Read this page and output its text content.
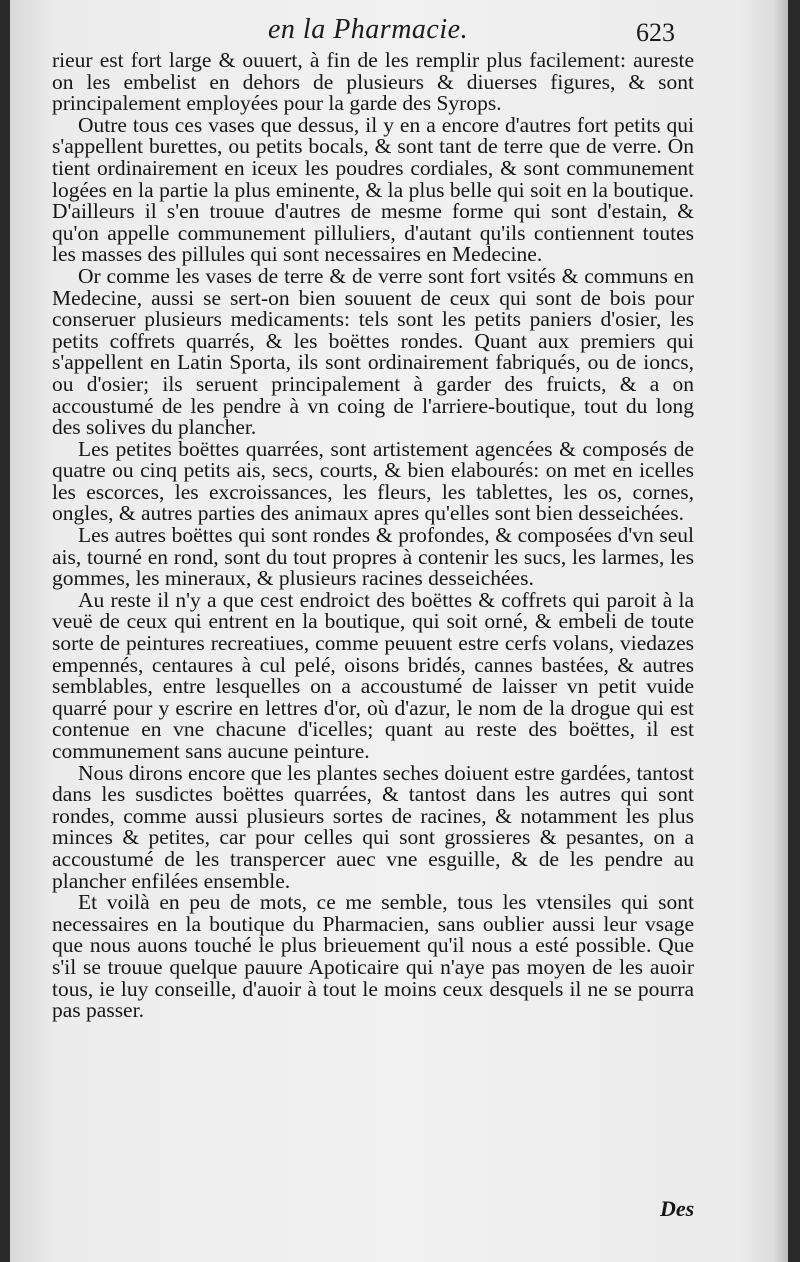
en la Pharmacie.	623

rieur est fort large & ouuert, à fin de les remplir plus facilement: aureste on les embelist en dehors de plusieurs & diuerses figures, & sont principalement employées pour la garde des Syrops.

Outre tous ces vases que dessus, il y en a encore d'autres fort petits qui s'appellent burettes, ou petits bocals, & sont tant de terre que de verre. On tient ordinairement en iceux les poudres cordiales, & sont communement logées en la partie la plus eminente, & la plus belle qui soit en la boutique. D'ailleurs il s'en trouue d'autres de mesme forme qui sont d'estain, & qu'on appelle communement pilluliers, d'autant qu'ils contiennent toutes les masses des pillules qui sont necessaires en Medecine.

Or comme les vases de terre & de verre sont fort vsités & communs en Medecine, aussi se sert-on bien souuent de ceux qui sont de bois pour conseruer plusieurs medicaments: tels sont les petits paniers d'osier, les petits coffrets quarrés, & les boëttes rondes. Quant aux premiers qui s'appellent en Latin Sporta, ils sont ordinairement fabriqués, ou de ioncs, ou d'osier; ils seruent principalement à garder des fruicts, & a on accoustumé de les pendre à vn coing de l'arriere-boutique, tout du long des solives du plancher.

Les petites boëttes quarrées, sont artistement agencées & composés de quatre ou cinq petits ais, secs, courts, & bien elabourés: on met en icelles les escorces, les excroissances, les fleurs, les tablettes, les os, cornes, ongles, & autres parties des animaux apres qu'elles sont bien desseichées.

Les autres boëttes qui sont rondes & profondes, & composées d'vn seul ais, tourné en rond, sont du tout propres à contenir les sucs, les larmes, les gommes, les mineraux, & plusieurs racines desseichées.

Au reste il n'y a que cest endroict des boëttes & coffrets qui paroit à la veuë de ceux qui entrent en la boutique, qui soit orné, & embeli de toute sorte de peintures recreatiues, comme peuuent estre cerfs volans, viedazes empennés, centaures à cul pelé, oisons bridés, cannes bastées, & autres semblables, entre lesquelles on a accoustumé de laisser vn petit vuide quarré pour y escrire en lettres d'or, où d'azur, le nom de la drogue qui est contenue en vne chacune d'icelles; quant au reste des boëttes, il est communement sans aucune peinture.

Nous dirons encore que les plantes seches doiuent estre gardées, tantost dans les susdictes boëttes quarrées, & tantost dans les autres qui sont rondes, comme aussi plusieurs sortes de racines, & notamment les plus minces & petites, car pour celles qui sont grossieres & pesantes, on a accoustumé de les transpercer auec vne esguille, & de les pendre au plancher enfilées ensemble.

Et voilà en peu de mots, ce me semble, tous les vtensiles qui sont necessaires en la boutique du Pharmacien, sans oublier aussi leur vsage que nous auons touché le plus brieuement qu'il nous a esté possible. Que s'il se trouue quelque pauure Apoticaire qui n'aye pas moyen de les auoir tous, ie luy conseille, d'auoir à tout le moins ceux desquels il ne se pourra pas passer.

Des
